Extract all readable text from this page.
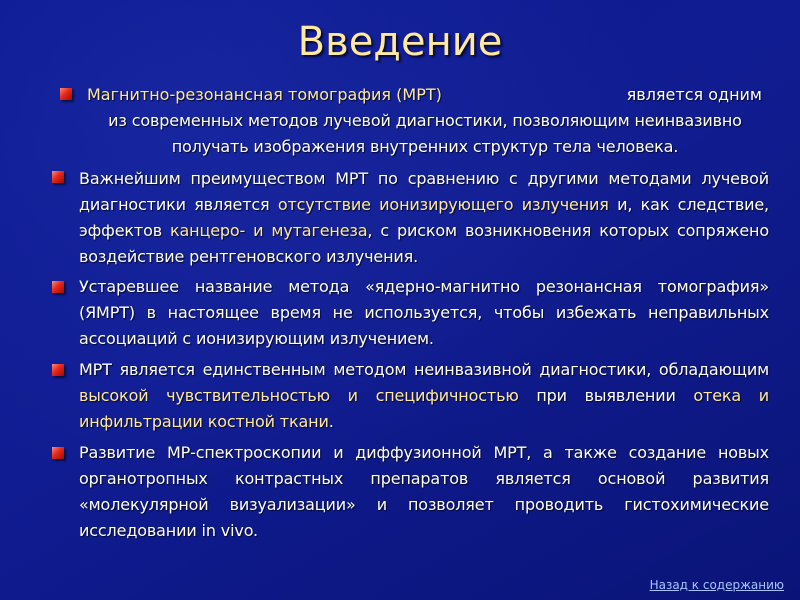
Введение
Магнитно-резонансная томография (МРТ)	является одним
из современных методов лучевой диагностики, позволяющим неинвазивно получать изображения внутренних структур тела человека.
Важнейшим преимуществом МРТ по сравнению с другими методами лучевой диагностики является отсутствие ионизирующего излучения и, как следствие, эффектов канцеро- и мутагенеза, с риском возникновения которых сопряжено воздействие рентгеновского излучения.
Устаревшее название метода «ядерно-магнитно резонансная томография» (ЯМРТ) в настоящее время не используется, чтобы избежать неправильных ассоциаций с ионизирующим излучением.
МРТ является единственным методом неинвазивной диагностики, обладающим высокой чувствительностью и специфичностью при выявлении отека и инфильтрации костной ткани.
Развитие МР-спектроскопии и диффузионной МРТ, а также создание новых органотропных контрастных препаратов является основой развития «молекулярной визуализации» и позволяет проводить гистохимические исследовании in vivo.
Назад к содержанию
